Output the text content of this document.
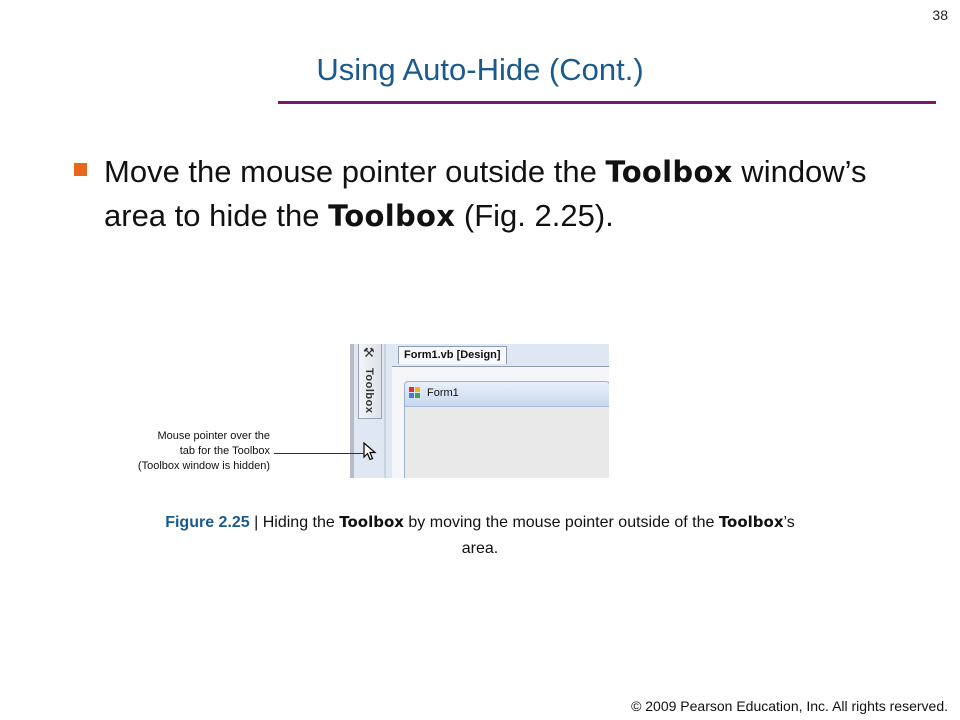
38
Using Auto-Hide (Cont.)
Move the mouse pointer outside the Toolbox window’s area to hide the Toolbox (Fig. 2.25).
⚒
Toolbox
Form1.vb [Design]
Form1
Mouse pointer over the
tab for the Toolbox
(Toolbox window is hidden)
Figure 2.25 | Hiding the Toolbox by moving the mouse pointer outside of the Toolbox’s area.
© 2009 Pearson Education, Inc. All rights reserved.
